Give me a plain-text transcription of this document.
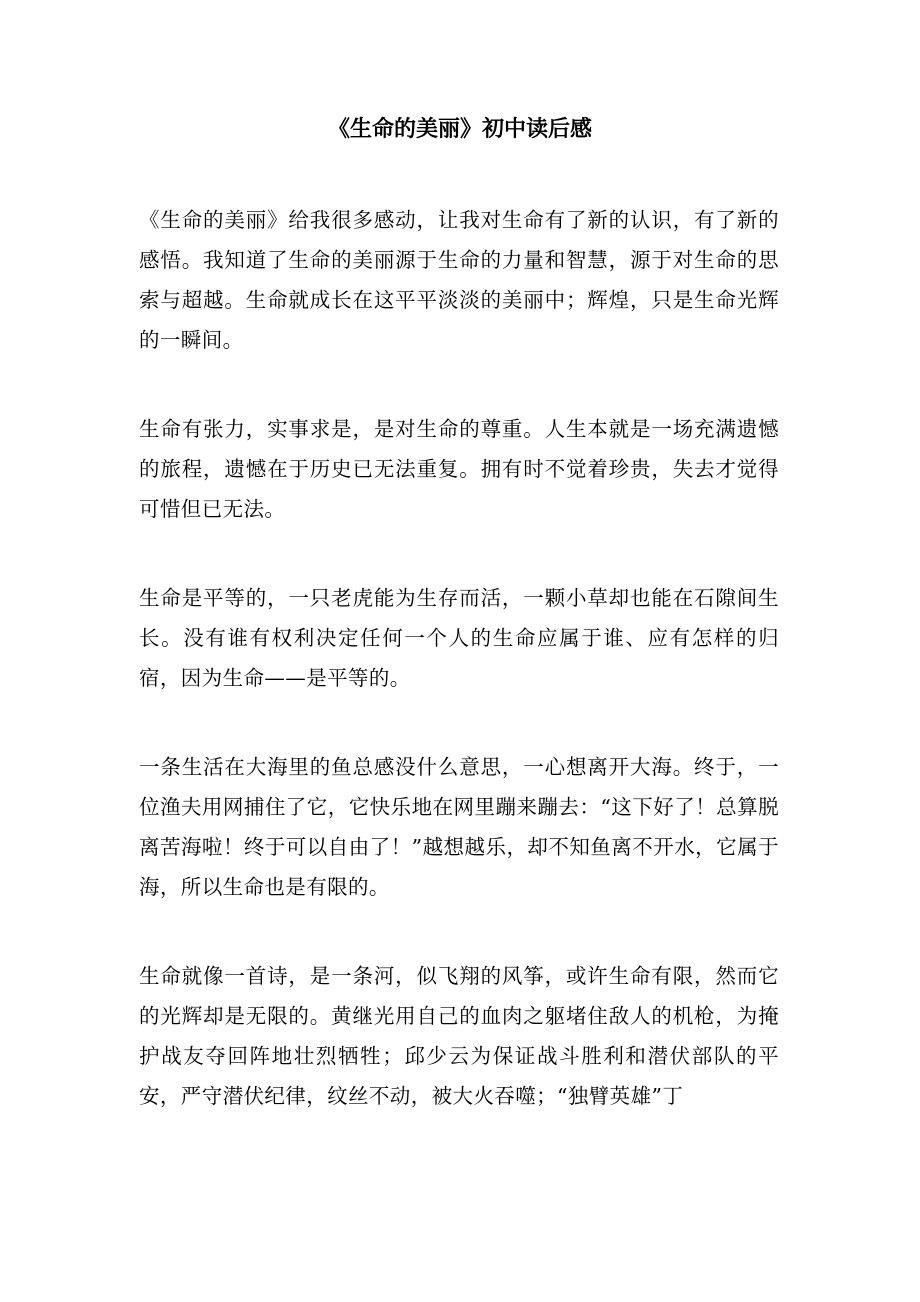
《生命的美丽》初中读后感

《生命的美丽》给我很多感动，让我对生命有了新的认识，有了新的感悟。我知道了生命的美丽源于生命的力量和智慧，源于对生命的思索与超越。生命就成长在这平平淡淡的美丽中；辉煌，只是生命光辉的一瞬间。

生命有张力，实事求是，是对生命的尊重。人生本就是一场充满遗憾的旅程，遗憾在于历史已无法重复。拥有时不觉着珍贵，失去才觉得可惜但已无法。

生命是平等的，一只老虎能为生存而活，一颗小草却也能在石隙间生长。没有谁有权利决定任何一个人的生命应属于谁、应有怎样的归宿，因为生命——是平等的。

一条生活在大海里的鱼总感没什么意思，一心想离开大海。终于，一位渔夫用网捕住了它，它快乐地在网里蹦来蹦去：“这下好了！总算脱离苦海啦！终于可以自由了！”越想越乐，却不知鱼离不开水，它属于海，所以生命也是有限的。

生命就像一首诗，是一条河，似飞翔的风筝，或许生命有限，然而它的光辉却是无限的。黄继光用自己的血肉之躯堵住敌人的机枪，为掩护战友夺回阵地壮烈牺牲；邱少云为保证战斗胜利和潜伏部队的平安，严守潜伏纪律，纹丝不动，被大火吞噬；“独臂英雄”丁
